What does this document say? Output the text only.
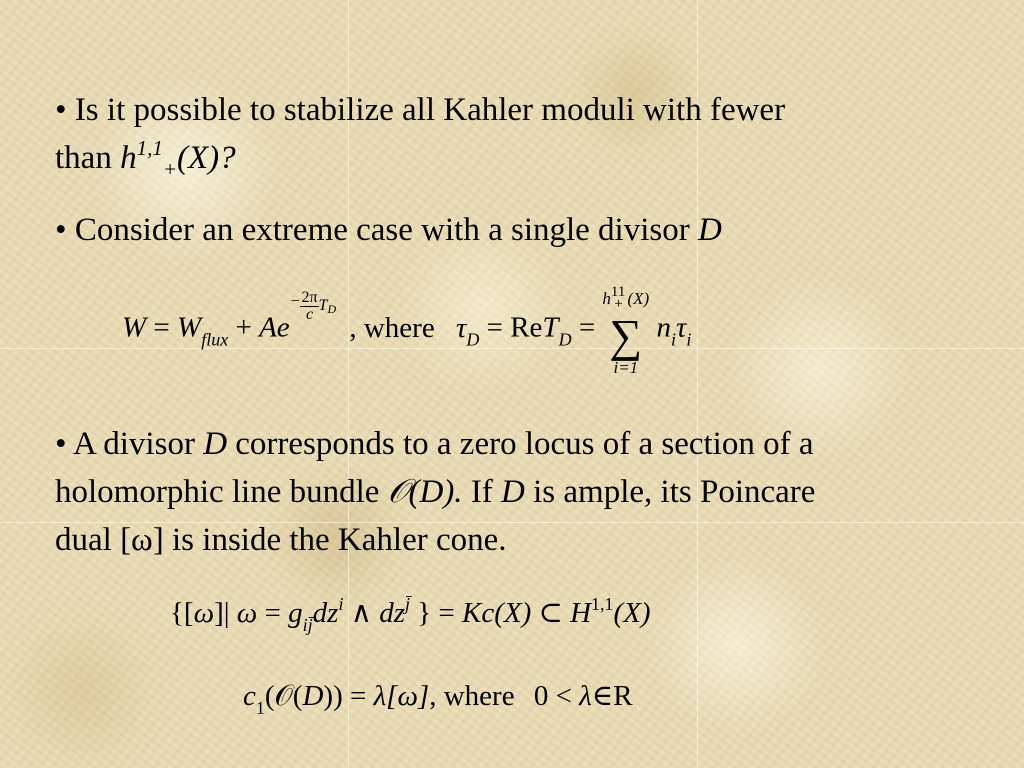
• Is it possible to stabilize all Kahler moduli with fewer
than $h^{1,1}_+(X)$?

• Consider an extreme case with a single divisor D

$W = W_{flux} + Ae- \frac{2\pi}{c}$ TD , where $\tau_D = ReT_D$ =
h11+ (X)
∑
i=1
$n_i\tau_i$

• A divisor D corresponds to a zero locus of a section of a
holomorphic line bundle 𝒪(D). If D is ample, its Poincare
dual [ω] is inside the Kahler cone.

{[ω]| $\omega = g_{ij̄}dz^i$ ∧ $dz^{j̄}$ } = Kc(X) ⊂ H$^{1,1}$(X)
$c_1(𝒪(D)) = \lambda[\omega]$, where 0 < λ∈R
